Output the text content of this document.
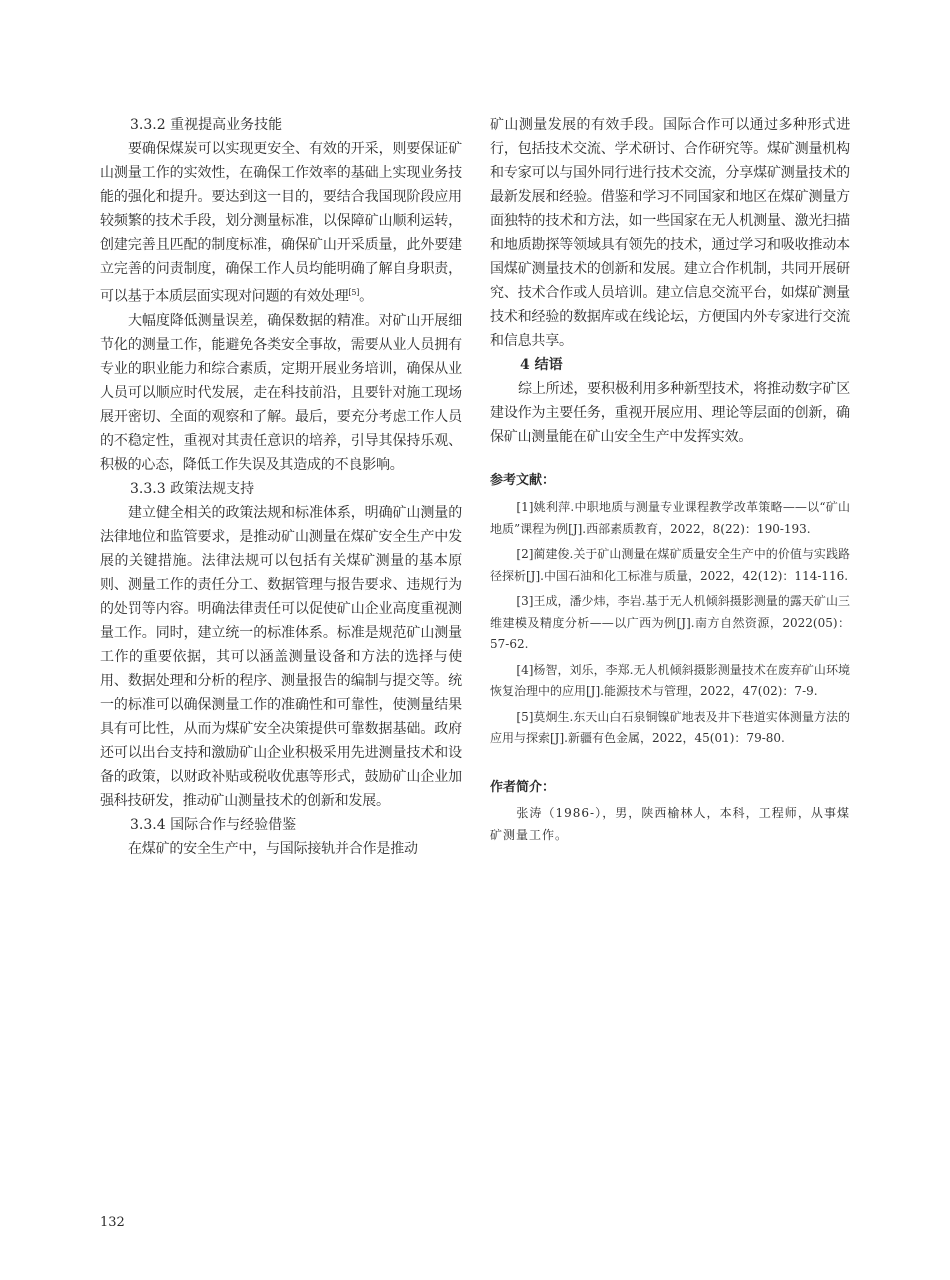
3.3.2 重视提高业务技能

要确保煤炭可以实现更安全、有效的开采，则要保证矿山测量工作的实效性，在确保工作效率的基础上实现业务技能的强化和提升。要达到这一目的，要结合我国现阶段应用较频繁的技术手段，划分测量标准，以保障矿山顺利运转，创建完善且匹配的制度标准，确保矿山开采质量，此外要建立完善的问责制度，确保工作人员均能明确了解自身职责，可以基于本质层面实现对问题的有效处理[5]。

大幅度降低测量误差，确保数据的精准。对矿山开展细节化的测量工作，能避免各类安全事故，需要从业人员拥有专业的职业能力和综合素质，定期开展业务培训，确保从业人员可以顺应时代发展，走在科技前沿，且要针对施工现场展开密切、全面的观察和了解。最后，要充分考虑工作人员的不稳定性，重视对其责任意识的培养，引导其保持乐观、积极的心态，降低工作失误及其造成的不良影响。

3.3.3 政策法规支持

建立健全相关的政策法规和标准体系，明确矿山测量的法律地位和监管要求，是推动矿山测量在煤矿安全生产中发展的关键措施。法律法规可以包括有关煤矿测量的基本原则、测量工作的责任分工、数据管理与报告要求、违规行为的处罚等内容。明确法律责任可以促使矿山企业高度重视测量工作。同时，建立统一的标准体系。标准是规范矿山测量工作的重要依据，其可以涵盖测量设备和方法的选择与使用、数据处理和分析的程序、测量报告的编制与提交等。统一的标准可以确保测量工作的准确性和可靠性，使测量结果具有可比性，从而为煤矿安全决策提供可靠数据基础。政府还可以出台支持和激励矿山企业积极采用先进测量技术和设备的政策，以财政补贴或税收优惠等形式，鼓励矿山企业加强科技研发，推动矿山测量技术的创新和发展。

3.3.4 国际合作与经验借鉴

在煤矿的安全生产中，与国际接轨并合作是推动

矿山测量发展的有效手段。国际合作可以通过多种形式进行，包括技术交流、学术研讨、合作研究等。煤矿测量机构和专家可以与国外同行进行技术交流，分享煤矿测量技术的最新发展和经验。借鉴和学习不同国家和地区在煤矿测量方面独特的技术和方法，如一些国家在无人机测量、激光扫描和地质勘探等领域具有领先的技术，通过学习和吸收推动本国煤矿测量技术的创新和发展。建立合作机制，共同开展研究、技术合作或人员培训。建立信息交流平台，如煤矿测量技术和经验的数据库或在线论坛，方便国内外专家进行交流和信息共享。

4 结语

综上所述，要积极利用多种新型技术，将推动数字矿区建设作为主要任务，重视开展应用、理论等层面的创新，确保矿山测量能在矿山安全生产中发挥实效。

参考文献：

[1]姚利萍.中职地质与测量专业课程教学改革策略——以“矿山地质”课程为例[J].西部素质教育，2022，8(22)：190-193.

[2]蔺建俊.关于矿山测量在煤矿质量安全生产中的价值与实践路径探析[J].中国石油和化工标准与质量，2022，42(12)：114-116.

[3]王成，潘少炜，李岩.基于无人机倾斜摄影测量的露天矿山三维建模及精度分析——以广西为例[J].南方自然资源，2022(05)：57-62.

[4]杨智，刘乐，李郑.无人机倾斜摄影测量技术在废弃矿山环境恢复治理中的应用[J].能源技术与管理，2022，47(02)：7-9.

[5]莫炯生.东天山白石泉铜镍矿地表及井下巷道实体测量方法的应用与探索[J].新疆有色金属，2022，45(01)：79-80.

作者简介：

张涛（1986-），男，陕西榆林人，本科，工程师，从事煤矿测量工作。

132
